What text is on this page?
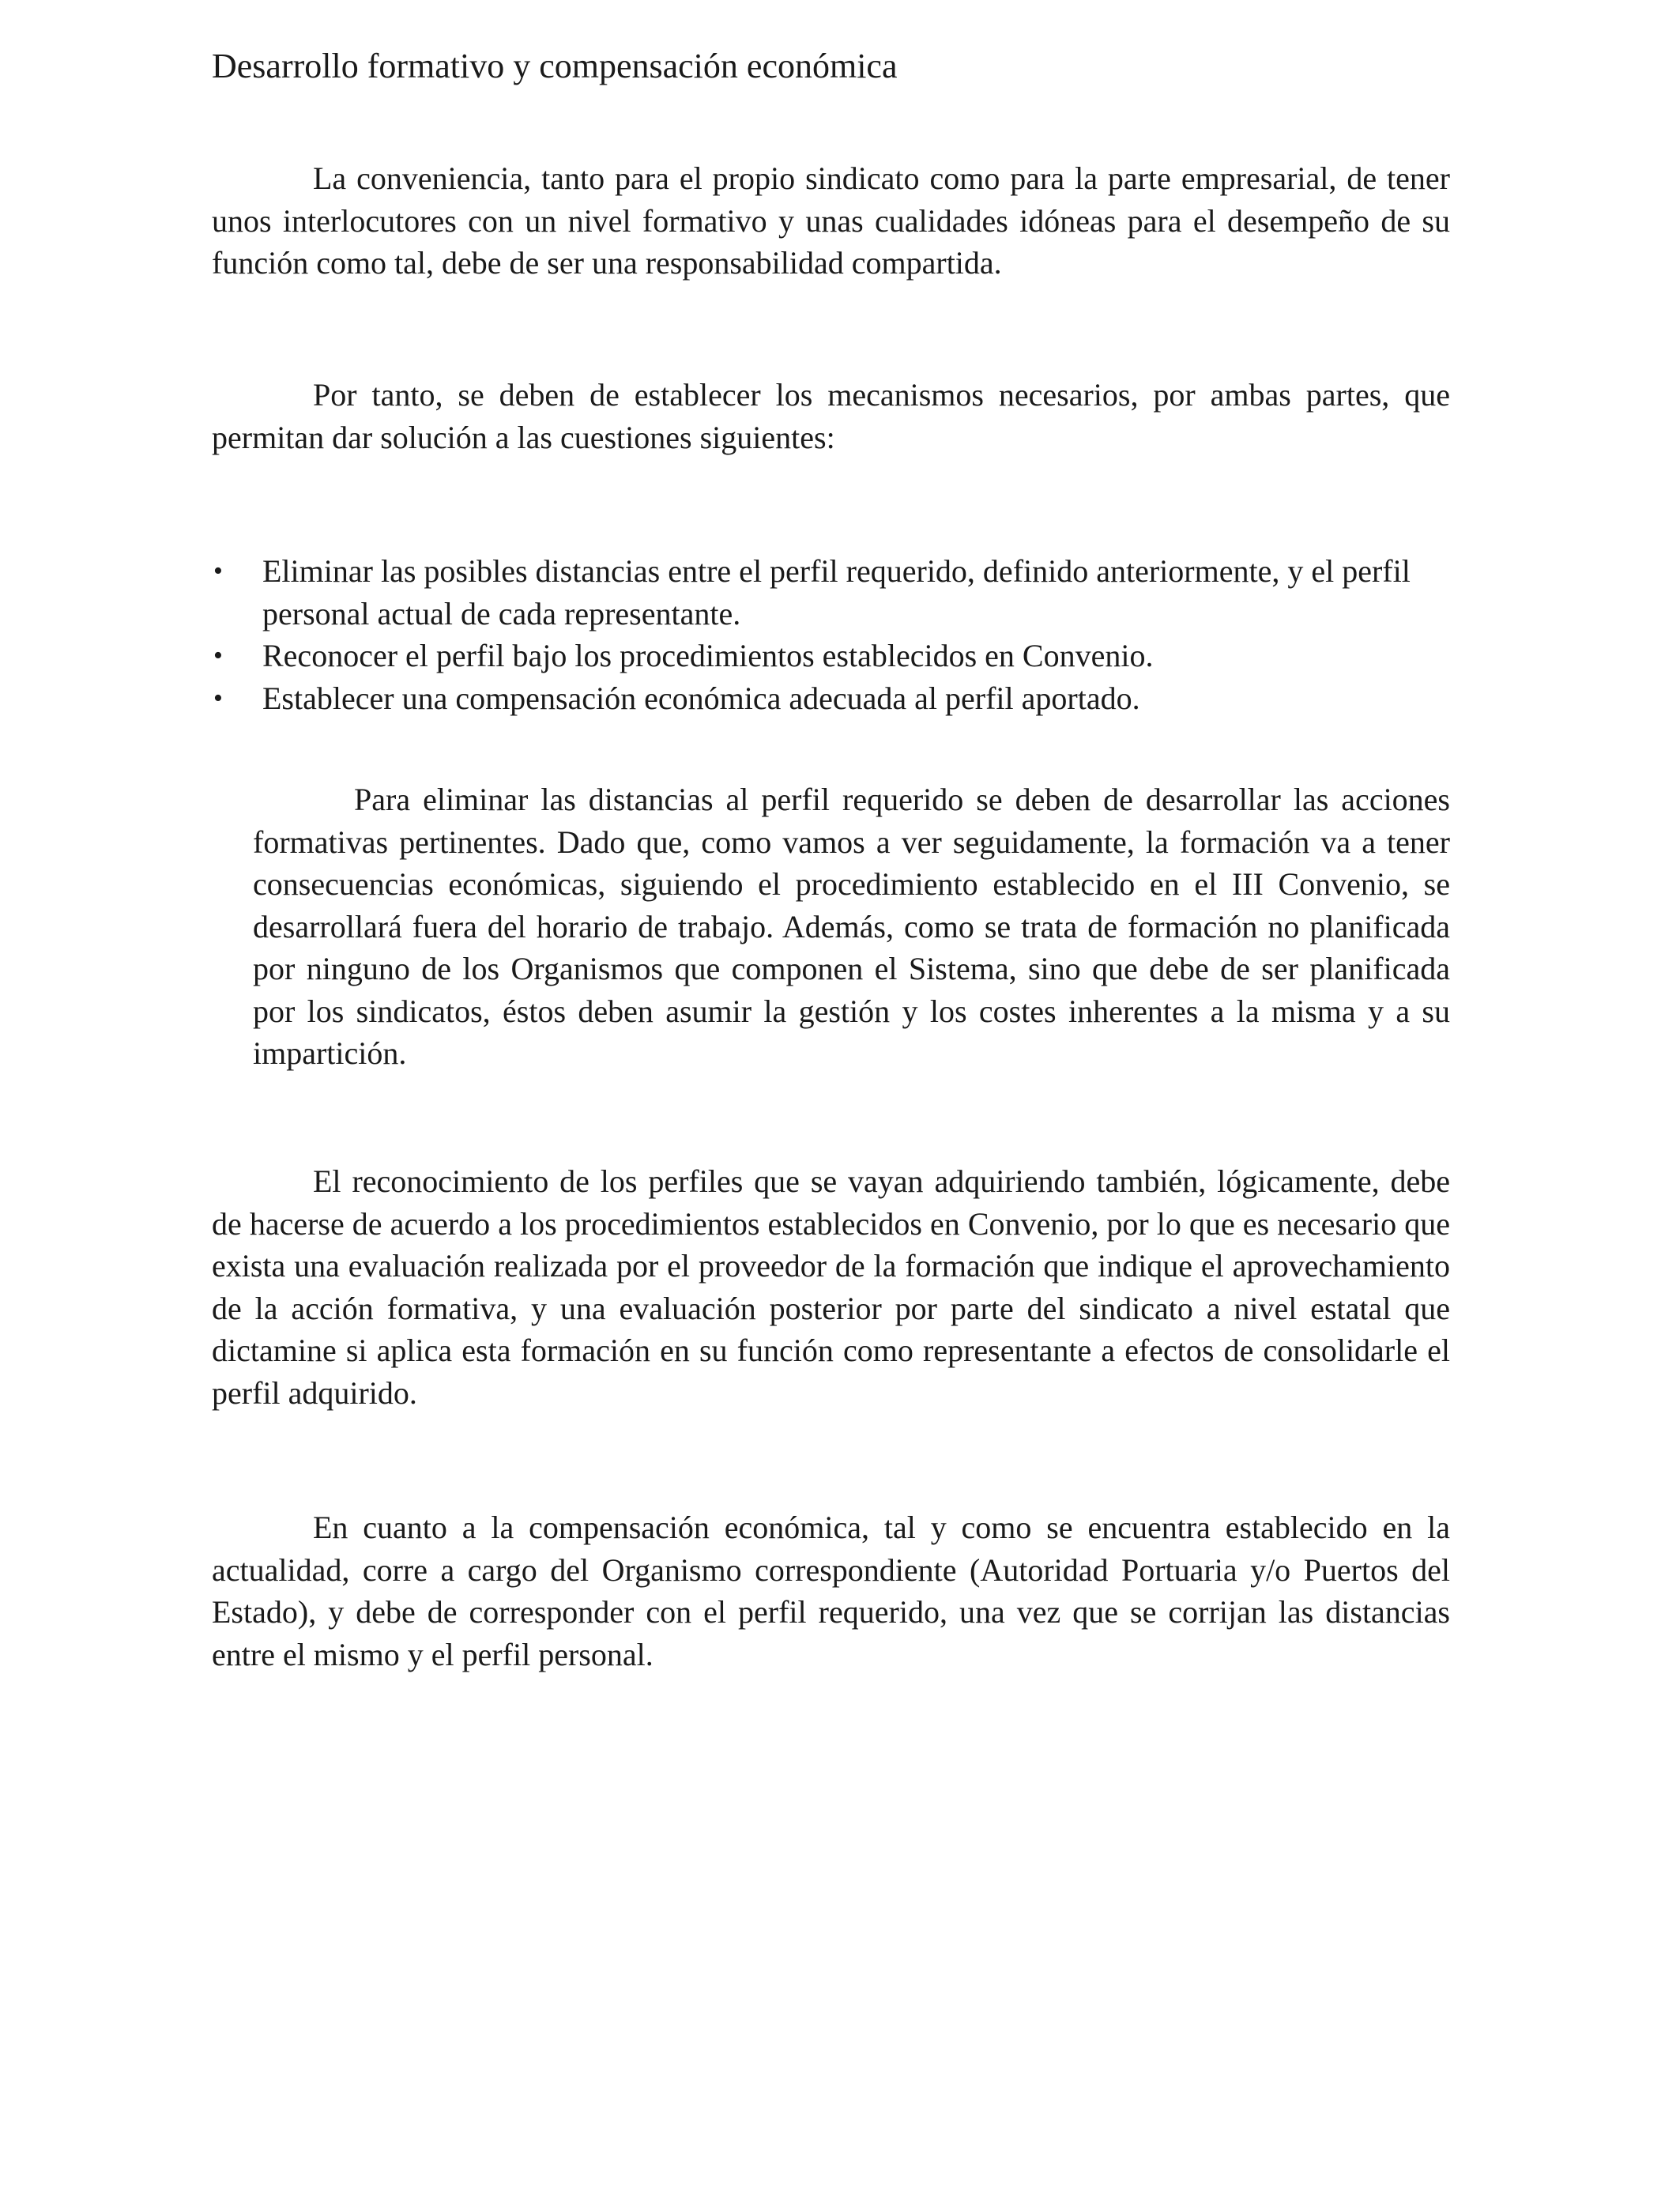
Desarrollo formativo y compensación económica

La conveniencia, tanto para el propio sindicato como para la parte empresarial, de tener unos interlocutores con un nivel formativo y unas cualidades idóneas para el desempeño de su función como tal, debe de ser una responsabilidad compartida.

Por tanto, se deben de establecer los mecanismos necesarios, por ambas partes, que permitan dar solución a las cuestiones siguientes:

• Eliminar las posibles distancias entre el perfil requerido, definido anteriormente, y el perfil personal actual de cada representante.
• Reconocer el perfil bajo los procedimientos establecidos en Convenio.
• Establecer una compensación económica adecuada al perfil aportado.

Para eliminar las distancias al perfil requerido se deben de desarrollar las acciones formativas pertinentes. Dado que, como vamos a ver seguidamente, la formación va a tener consecuencias económicas, siguiendo el procedimiento establecido en el III Convenio, se desarrollará fuera del horario de trabajo. Además, como se trata de formación no planificada por ninguno de los Organismos que componen el Sistema, sino que debe de ser planificada por los sindicatos, éstos deben asumir la gestión y los costes inherentes a la misma y a su impartición.

El reconocimiento de los perfiles que se vayan adquiriendo también, lógicamente, debe de hacerse de acuerdo a los procedimientos establecidos en Convenio, por lo que es necesario que exista una evaluación realizada por el proveedor de la formación que indique el aprovechamiento de la acción formativa, y una evaluación posterior por parte del sindicato a nivel estatal que dictamine si aplica esta formación en su función como representante a efectos de consolidarle el perfil adquirido.

En cuanto a la compensación económica, tal y como se encuentra establecido en la actualidad, corre a cargo del Organismo correspondiente (Autoridad Portuaria y/o Puertos del Estado), y debe de corresponder con el perfil requerido, una vez que se corrijan las distancias entre el mismo y el perfil personal.
